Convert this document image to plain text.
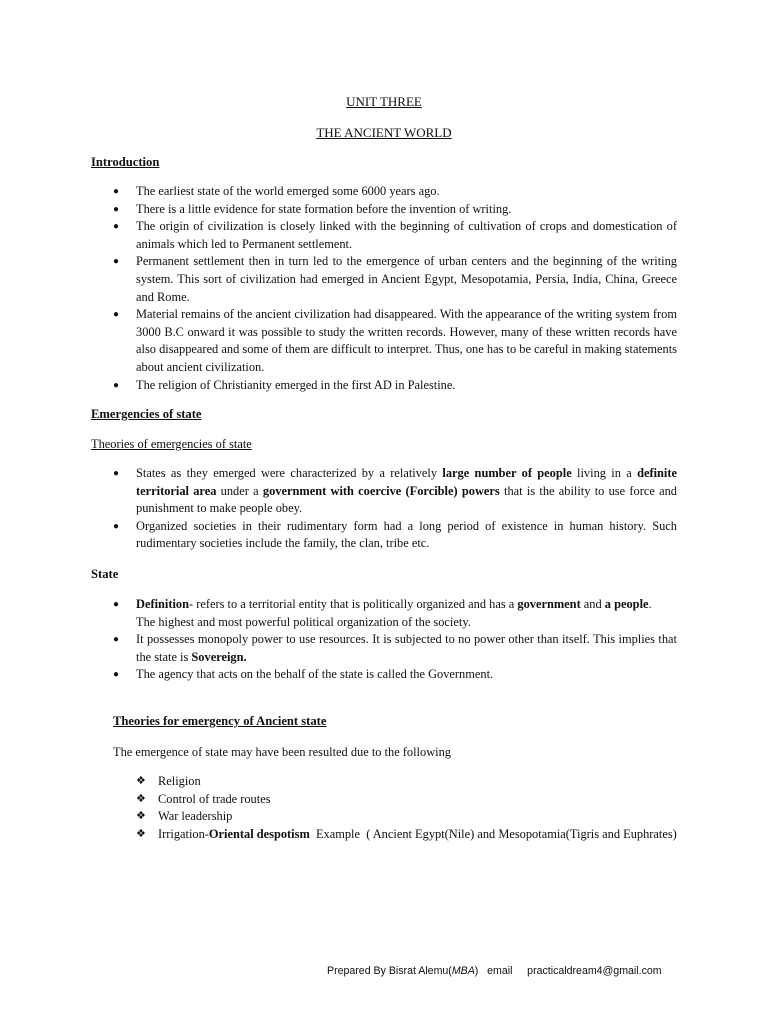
UNIT THREE
THE ANCIENT WORLD
Introduction
● The earliest state of the world emerged some 6000 years ago.
● There is a little evidence for state formation before the invention of writing.
● The origin of civilization is closely linked with the beginning of cultivation of crops and domestication of animals which led to Permanent settlement.
● Permanent settlement then in turn led to the emergence of urban centers and the beginning of the writing system. This sort of civilization had emerged in Ancient Egypt, Mesopotamia, Persia, India, China, Greece and Rome.
● Material remains of the ancient civilization had disappeared. With the appearance of the writing system from 3000 B.C onward it was possible to study the written records. However, many of these written records have also disappeared and some of them are difficult to interpret. Thus, one has to be careful in making statements about ancient civilization.
● The religion of Christianity emerged in the first AD in Palestine.
Emergencies of state
Theories of emergencies of state
● States as they emerged were characterized by a relatively large number of people living in a definite territorial area under a government with coercive (Forcible) powers that is the ability to use force and punishment to make people obey.
● Organized societies in their rudimentary form had a long period of existence in human history. Such rudimentary societies include the family, the clan, tribe etc.
State
● Definition- refers to a territorial entity that is politically organized and has a government and a people.
The highest and most powerful political organization of the society.
● It possesses monopoly power to use resources. It is subjected to no power other than itself. This implies that the state is Sovereign.
● The agency that acts on the behalf of the state is called the Government.
Theories for emergency of Ancient state
The emergence of state may have been resulted due to the following
❖ Religion
❖ Control of trade routes
❖ War leadership
❖ Irrigation-Oriental despotism  Example  ( Ancient Egypt(Nile) and Mesopotamia(Tigris and Euphrates)
Prepared By Bisrat Alemu(MBA)   email     practicaldream4@gmail.com
